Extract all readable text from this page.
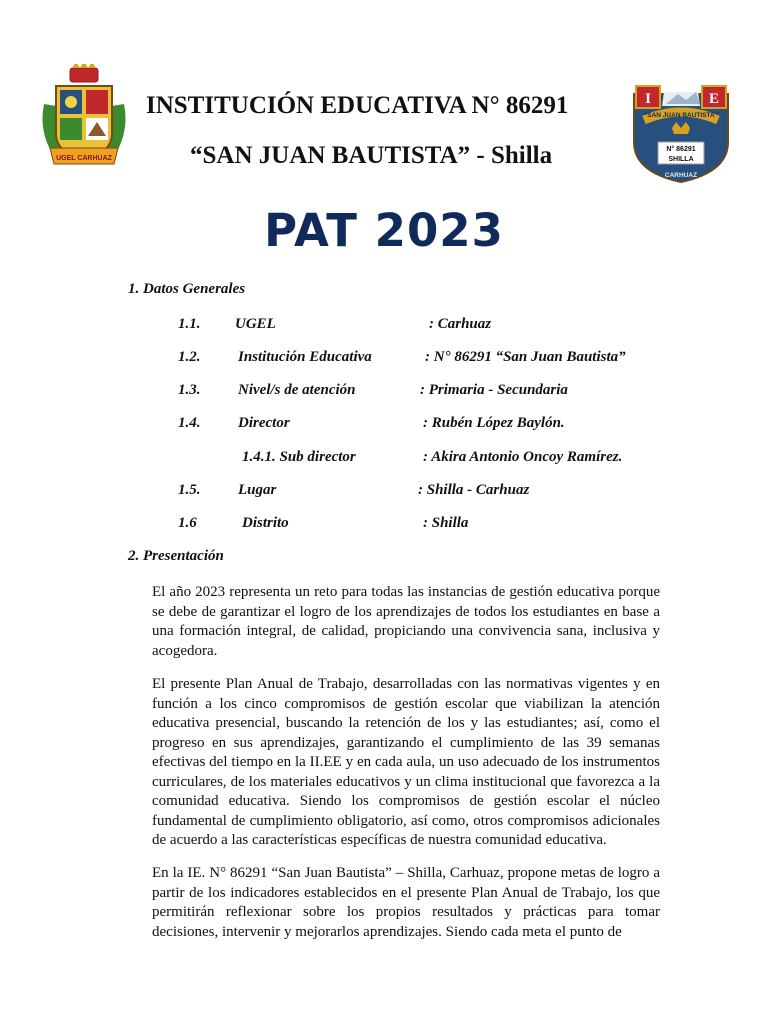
UGEL CARHUAZ
INSTITUCIÓN EDUCATIVA N° 86291
“SAN JUAN BAUTISTA” - Shilla
I	E
“SAN JUAN BAUTISTA”
N° 86291
SHILLA
CARHUAZ
PAT 2023
1. Datos Generales
1.1. UGEL	: Carhuaz
1.2.	Institución Educativa	: N° 86291 “San Juan Bautista”
1.3.	Nivel/s de atención	: Primaria - Secundaria
1.4.	Director	: Rubén López Baylón.
1.4.1. Sub director	: Akira Antonio Oncoy Ramírez.
1.5.	Lugar	: Shilla - Carhuaz
1.6	Distrito	: Shilla
2. Presentación

El año 2023 representa un reto para todas las instancias de gestión educativa porque se debe de garantizar el logro de los aprendizajes de todos los estudiantes en base a una formación integral, de calidad, propiciando una convivencia sana, inclusiva y acogedora.

El presente Plan Anual de Trabajo, desarrolladas con las normativas vigentes y en función a los cinco compromisos de gestión escolar que viabilizan la atención educativa presencial, buscando la retención de los y las estudiantes; así, como el progreso en sus aprendizajes, garantizando el cumplimiento de las 39 semanas efectivas del tiempo en la II.EE y en cada aula, un uso adecuado de los instrumentos curriculares, de los materiales educativos y un clima institucional que favorezca a la comunidad educativa. Siendo los compromisos de gestión escolar el núcleo fundamental de cumplimiento obligatorio, así como, otros compromisos adicionales de acuerdo a las características específicas de nuestra comunidad educativa.

En la IE. N° 86291 “San Juan Bautista” – Shilla, Carhuaz, propone metas de logro a partir de los indicadores establecidos en el presente Plan Anual de Trabajo, los que permitirán reflexionar sobre los propios resultados y prácticas para tomar decisiones, intervenir y mejorarlos aprendizajes. Siendo cada meta el punto de
